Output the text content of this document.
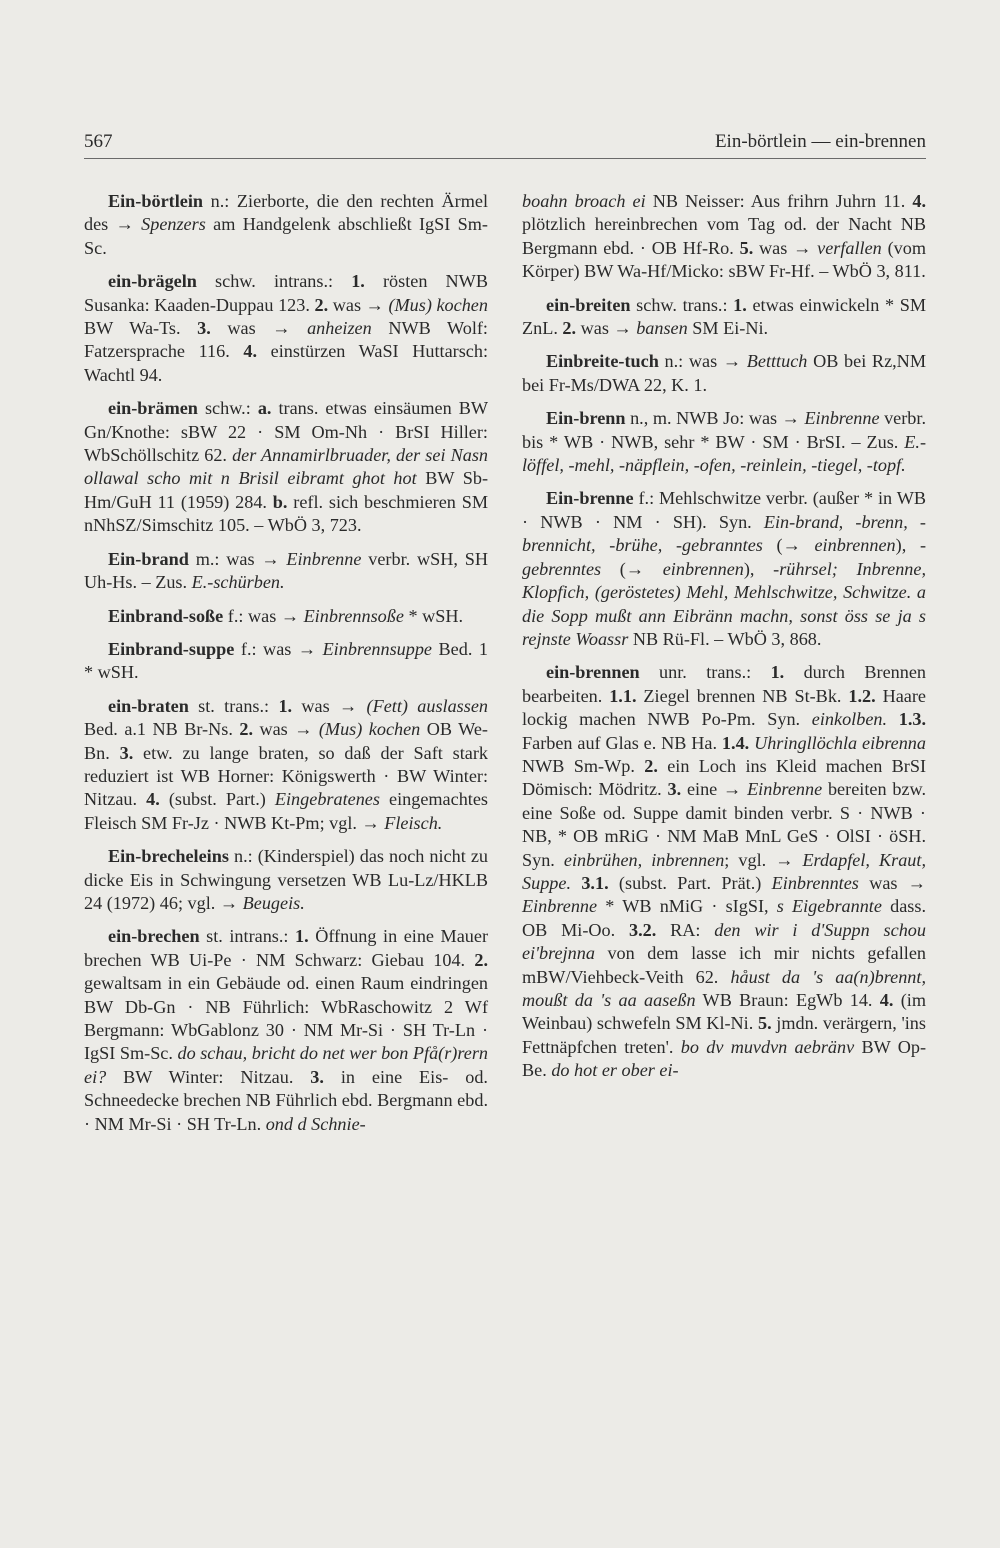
567	Ein-börtlein — ein-brennen

Ein-börtlein n.: Zierborte, die den rechten Ärmel des → Spenzers am Handgelenk abschließt IgSI Sm-Sc.

ein-brägeln schw. intrans.: 1. rösten NWB Susanka: Kaaden-Duppau 123. 2. was → (Mus) kochen BW Wa-Ts. 3. was → anheizen NWB Wolf: Fatzersprache 116. 4. einstürzen WaSI Huttarsch: Wachtl 94.

ein-brämen schw.: a. trans. etwas einsäumen BW Gn/Knothe: sBW 22 · SM Om-Nh · BrSI Hiller: WbSchöllschitz 62. der Annamirlbruader, der sei Nasn ollawal scho mit n Brisil eibramt ghot hot BW Sb-Hm/GuH 11 (1959) 284. b. refl. sich beschmieren SM nNhSZ/Simschitz 105. – WbÖ 3, 723.

Ein-brand m.: was → Einbrenne verbr. wSH, SH Uh-Hs. – Zus. E.-schürben.

Einbrand-soße f.: was → Einbrennsoße * wSH.

Einbrand-suppe f.: was → Einbrennsuppe Bed. 1 * wSH.

ein-braten st. trans.: 1. was → (Fett) auslassen Bed. a.1 NB Br-Ns. 2. was → (Mus) kochen OB We-Bn. 3. etw. zu lange braten, so daß der Saft stark reduziert ist WB Horner: Königswerth · BW Winter: Nitzau. 4. (subst. Part.) Eingebratenes eingemachtes Fleisch SM Fr-Jz · NWB Kt-Pm; vgl. → Fleisch.

Ein-brecheleins n.: (Kinderspiel) das noch nicht zu dicke Eis in Schwingung versetzen WB Lu-Lz/HKLB 24 (1972) 46; vgl. → Beugeis.

ein-brechen st. intrans.: 1. Öffnung in eine Mauer brechen WB Ui-Pe · NM Schwarz: Giebau 104. 2. gewaltsam in ein Gebäude od. einen Raum eindringen BW Db-Gn · NB Führlich: WbRaschowitz 2 Wf Bergmann: WbGablonz 30 · NM Mr-Si · SH Tr-Ln · IgSI Sm-Sc. do schau, bricht do net wer bon Pfå(r)rern ei? BW Winter: Nitzau. 3. in eine Eis- od. Schneedecke brechen NB Führlich ebd. Bergmann ebd. · NM Mr-Si · SH Tr-Ln. ond d Schnie-

boahn broach ei NB Neisser: Aus frihrn Juhrn 11. 4. plötzlich hereinbrechen vom Tag od. der Nacht NB Bergmann ebd. · OB Hf-Ro. 5. was → verfallen (vom Körper) BW Wa-Hf/Micko: sBW Fr-Hf. – WbÖ 3, 811.

ein-breiten schw. trans.: 1. etwas einwickeln * SM ZnL. 2. was → bansen SM Ei-Ni.

Einbreite-tuch n.: was → Betttuch OB bei Rz,NM bei Fr-Ms/DWA 22, K. 1.

Ein-brenn n., m. NWB Jo: was → Einbrenne verbr. bis * WB · NWB, sehr * BW · SM · BrSI. – Zus. E.-löffel, -mehl, -näpflein, -ofen, -reinlein, -tiegel, -topf.

Ein-brenne f.: Mehlschwitze verbr. (außer * in WB · NWB · NM · SH). Syn. Ein-brand, -brenn, -brennicht, -brühe, -gebranntes (→ einbrennen), -gebrenntes (→ einbrennen), -rührsel; Inbrenne, Klopfich, (geröstetes) Mehl, Mehlschwitze, Schwitze. a die Sopp mußt ann Eibränn machn, sonst öss se ja s rejnste Woassr NB Rü-Fl. – WbÖ 3, 868.

ein-brennen unr. trans.: 1. durch Brennen bearbeiten. 1.1. Ziegel brennen NB St-Bk. 1.2. Haare lockig machen NWB Po-Pm. Syn. einkolben. 1.3. Farben auf Glas e. NB Ha. 1.4. Uhringllöchla eibrenna NWB Sm-Wp. 2. ein Loch ins Kleid machen BrSI Dömisch: Mödritz. 3. eine → Einbrenne bereiten bzw. eine Soße od. Suppe damit binden verbr. S · NWB · NB, * OB mRiG · NM MaB MnL GeS · OlSI · öSH. Syn. einbrühen, inbrennen; vgl. → Erdapfel, Kraut, Suppe. 3.1. (subst. Part. Prät.) Einbrenntes was → Einbrenne * WB nMiG · sIgSI, s Eigebrannte dass. OB Mi-Oo. 3.2. RA: den wir i d'Suppn schou ei'brejnna von dem lasse ich mir nichts gefallen mBW/Viehbeck-Veith 62. håust da 's aa(n)brennt, moußt da 's aa aaseßn WB Braun: EgWb 14. 4. (im Weinbau) schwefeln SM Kl-Ni. 5. jmdn. verärgern, 'ins Fettnäpfchen treten'. bo dv muvdvn aebränv BW Op-Be. do hot er ober ei-
